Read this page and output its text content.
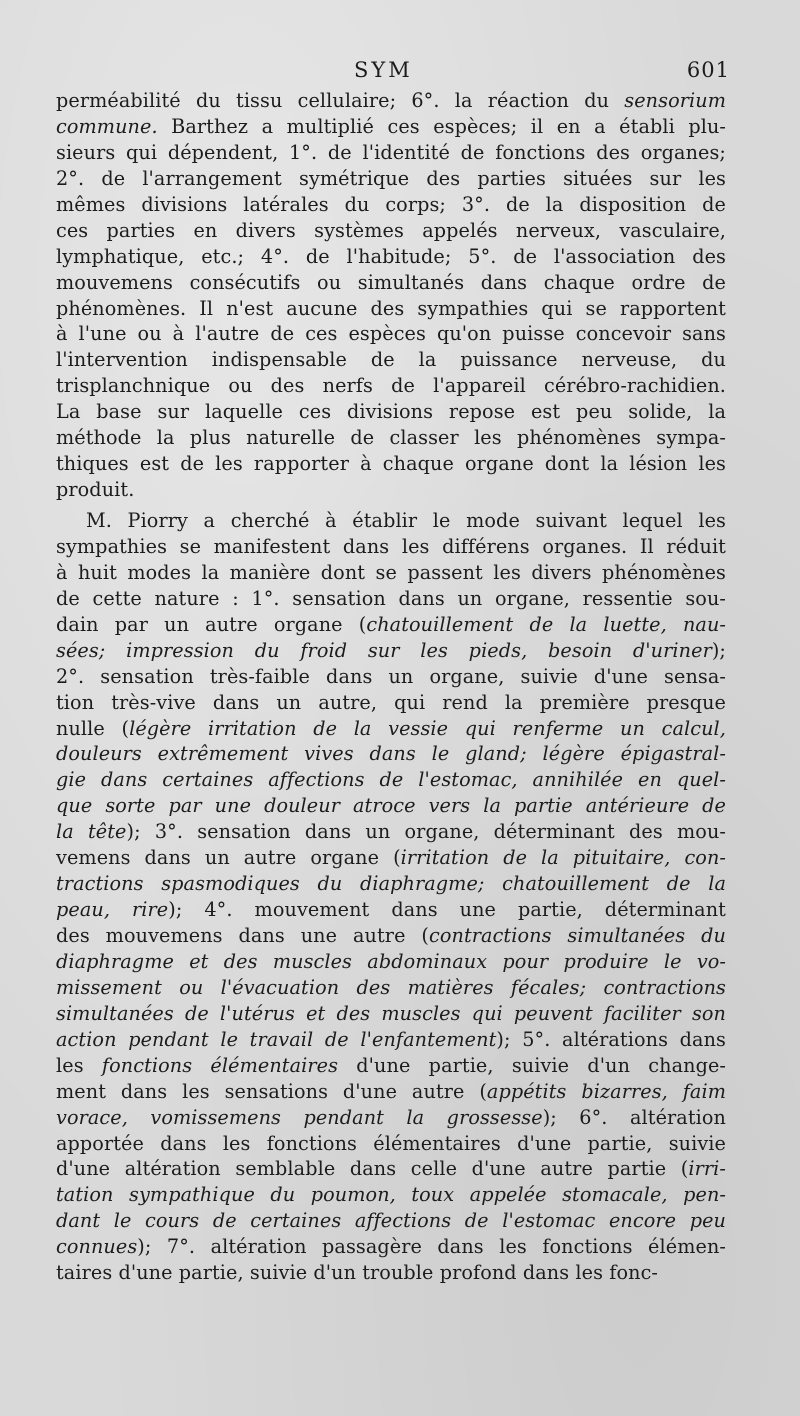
SYM	601
perméabilité du tissu cellulaire; 6°. la réaction du sensorium
commune. Barthez a multiplié ces espèces; il en a établi plu-
sieurs qui dépendent, 1°. de l'identité de fonctions des organes;
2°. de l'arrangement symétrique des parties situées sur les
mêmes divisions latérales du corps; 3°. de la disposition de
ces parties en divers systèmes appelés nerveux, vasculaire,
lymphatique, etc.; 4°. de l'habitude; 5°. de l'association des
mouvemens consécutifs ou simultanés dans chaque ordre de
phénomènes. Il n'est aucune des sympathies qui se rapportent
à l'une ou à l'autre de ces espèces qu'on puisse concevoir sans
l'intervention indispensable de la puissance nerveuse, du
trisplanchnique ou des nerfs de l'appareil cérébro-rachidien.
La base sur laquelle ces divisions repose est peu solide, la
méthode la plus naturelle de classer les phénomènes sympa-
thiques est de les rapporter à chaque organe dont la lésion les
produit.
M. Piorry a cherché à établir le mode suivant lequel les
sympathies se manifestent dans les différens organes. Il réduit
à huit modes la manière dont se passent les divers phénomènes
de cette nature : 1°. sensation dans un organe, ressentie sou-
dain par un autre organe (chatouillement de la luette, nau-
sées; impression du froid sur les pieds, besoin d'uriner);
2°. sensation très-faible dans un organe, suivie d'une sensa-
tion très-vive dans un autre, qui rend la première presque
nulle (légère irritation de la vessie qui renferme un calcul,
douleurs extrêmement vives dans le gland; légère épigastral-
gie dans certaines affections de l'estomac, annihilée en quel-
que sorte par une douleur atroce vers la partie antérieure de
la tête); 3°. sensation dans un organe, déterminant des mou-
vemens dans un autre organe (irritation de la pituitaire, con-
tractions spasmodiques du diaphragme; chatouillement de la
peau, rire); 4°. mouvement dans une partie, déterminant
des mouvemens dans une autre (contractions simultanées du
diaphragme et des muscles abdominaux pour produire le vo-
missement ou l'évacuation des matières fécales; contractions
simultanées de l'utérus et des muscles qui peuvent faciliter son
action pendant le travail de l'enfantement); 5°. altérations dans
les fonctions élémentaires d'une partie, suivie d'un change-
ment dans les sensations d'une autre (appétits bizarres, faim
vorace, vomissemens pendant la grossesse); 6°. altération
apportée dans les fonctions élémentaires d'une partie, suivie
d'une altération semblable dans celle d'une autre partie (irri-
tation sympathique du poumon, toux appelée stomacale, pen-
dant le cours de certaines affections de l'estomac encore peu
connues); 7°. altération passagère dans les fonctions élémen-
taires d'une partie, suivie d'un trouble profond dans les fonc-
